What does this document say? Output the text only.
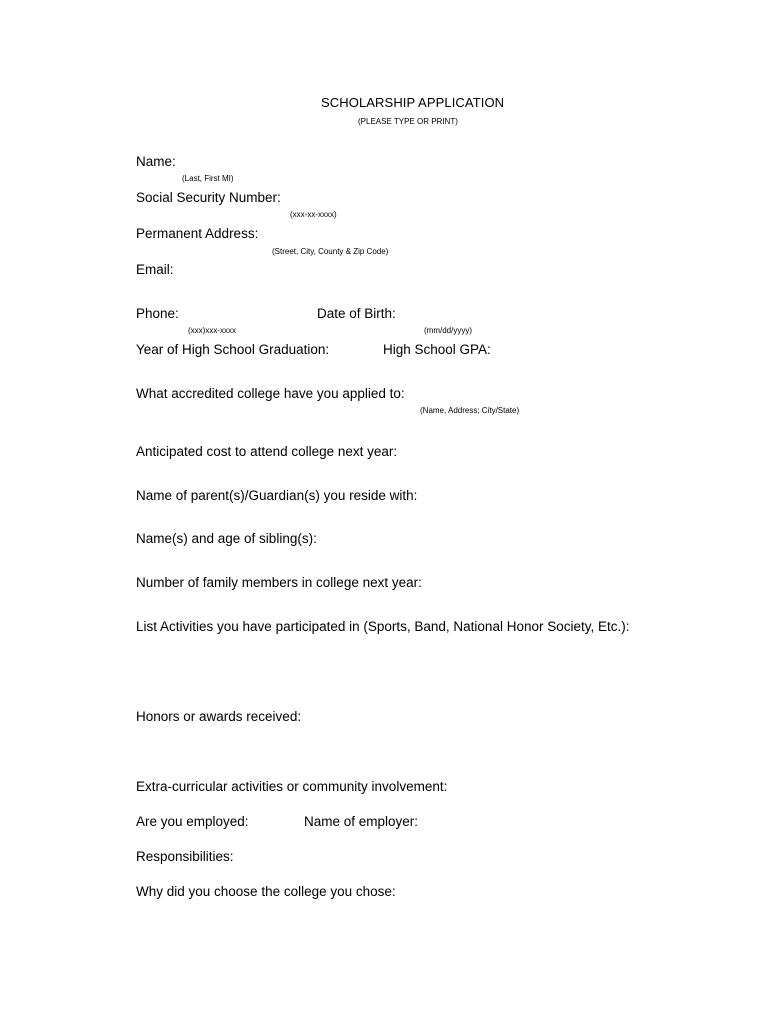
SCHOLARSHIP APPLICATION
(PLEASE TYPE OR PRINT)
Name:
(Last, First MI)
Social Security Number:
(xxx-xx-xxxx)
Permanent Address:
(Street, City, County & Zip Code)
Email:
Phone:	Date of Birth:
(xxx)xxx-xxxx	(mm/dd/yyyy)
Year of High School Graduation:	High School GPA:
What accredited college have you applied to:
(Name, Address; City/State)
Anticipated cost to attend college next year:
Name of parent(s)/Guardian(s) you reside with:
Name(s) and age of sibling(s):
Number of family members in college next year:
List Activities you have participated in (Sports, Band, National Honor Society, Etc.):
Honors or awards received:
Extra-curricular activities or community involvement:
Are you employed:	Name of employer:
Responsibilities:
Why did you choose the college you chose:
